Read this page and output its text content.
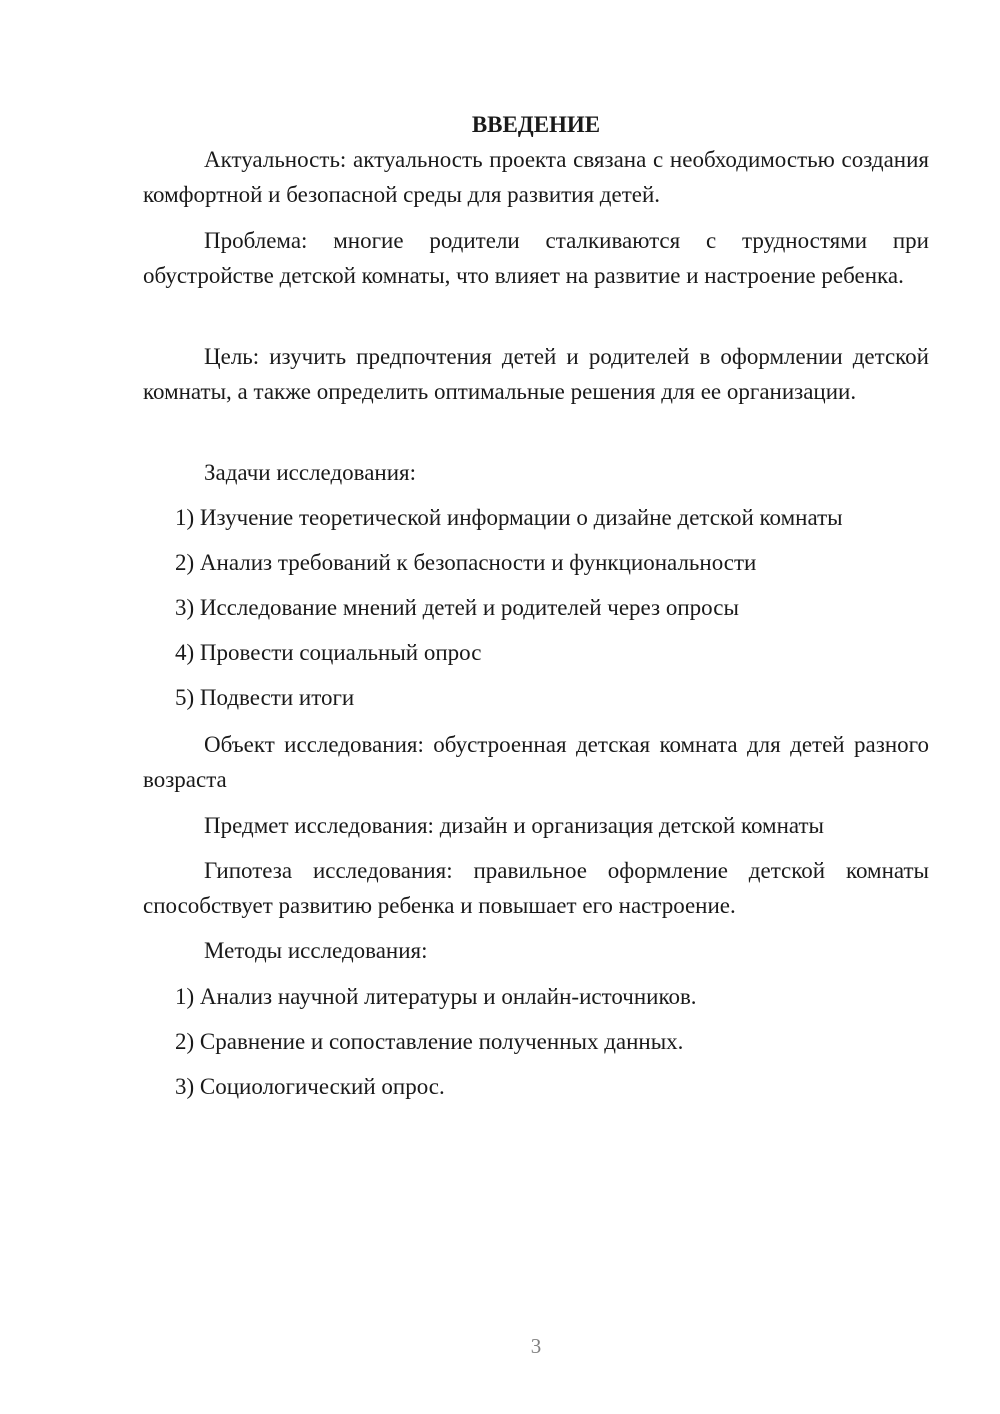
ВВЕДЕНИЕ

Актуальность: актуальность проекта связана с необходимостью создания комфортной и безопасной среды для развития детей.

Проблема: многие родители сталкиваются с трудностями при обустройстве детской комнаты, что влияет на развитие и настроение ребенка.

Цель: изучить предпочтения детей и родителей в оформлении детской комнаты, а также определить оптимальные решения для ее организации.

Задачи исследования:

1) Изучение теоретической информации о дизайне детской комнаты

2) Анализ требований к безопасности и функциональности

3) Исследование мнений детей и родителей через опросы

4) Провести социальный опрос

5) Подвести итоги

Объект исследования: обустроенная детская комната для детей разного возраста

Предмет исследования: дизайн и организация детской комнаты

Гипотеза исследования: правильное оформление детской комнаты способствует развитию ребенка и повышает его настроение.

Методы исследования:

1) Анализ научной литературы и онлайн-источников.

2) Сравнение и сопоставление полученных данных.

3) Социологический опрос.

3
